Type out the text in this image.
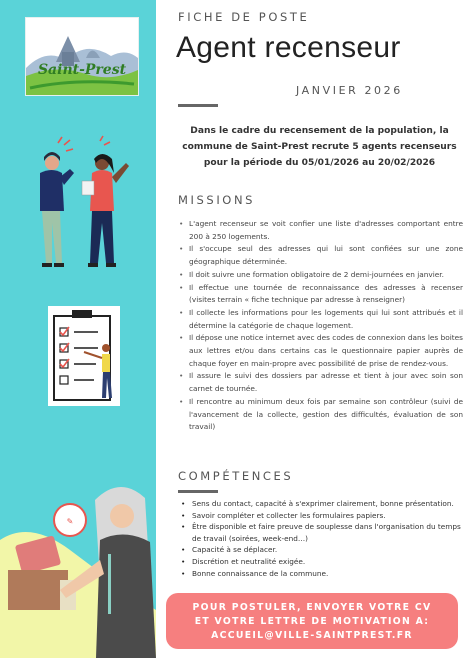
Saint-Prest
✎
FICHE DE POSTE
Agent recenseur
JANVIER 2026
Dans le cadre du recensement de la population, la commune de Saint-Prest recrute 5 agents recenseurs pour la période du 05/01/2026 au 20/02/2026
MISSIONS
• L'agent recenseur se voit confier une liste d'adresses comportant entre 200 à 250 logements.
• Il s'occupe seul des adresses qui lui sont confiées sur une zone géographique déterminée.
• Il doit suivre une formation obligatoire de 2 demi-journées en janvier.
• Il effectue une tournée de reconnaissance des adresses à recenser (visites terrain « fiche technique par adresse à renseigner)
• Il collecte les informations pour les logements qui lui sont attribués et il détermine la catégorie de chaque logement.
• Il dépose une notice internet avec des codes de connexion dans les boites aux lettres et/ou dans certains cas le questionnaire papier auprès de chaque foyer en main-propre avec possibilité de prise de rendez-vous.
• Il assure le suivi des dossiers par adresse et tient à jour avec soin son carnet de tournée.
• Il rencontre au minimum deux fois par semaine son contrôleur (suivi de l'avancement de la collecte, gestion des difficultés, évaluation de son travail)
COMPÉTENCES
• Sens du contact, capacité à s'exprimer clairement, bonne présentation.
• Savoir compléter et collecter les formulaires papiers.
• Être disponible et faire preuve de souplesse dans l'organisation du temps de travail (soirées, week-end…)
• Capacité à se déplacer.
• Discrétion et neutralité exigée.
• Bonne connaissance de la commune.
POUR POSTULER, ENVOYER VOTRE CV
ET VOTRE LETTRE DE MOTIVATION A:
ACCUEIL@VILLE-SAINTPREST.FR
